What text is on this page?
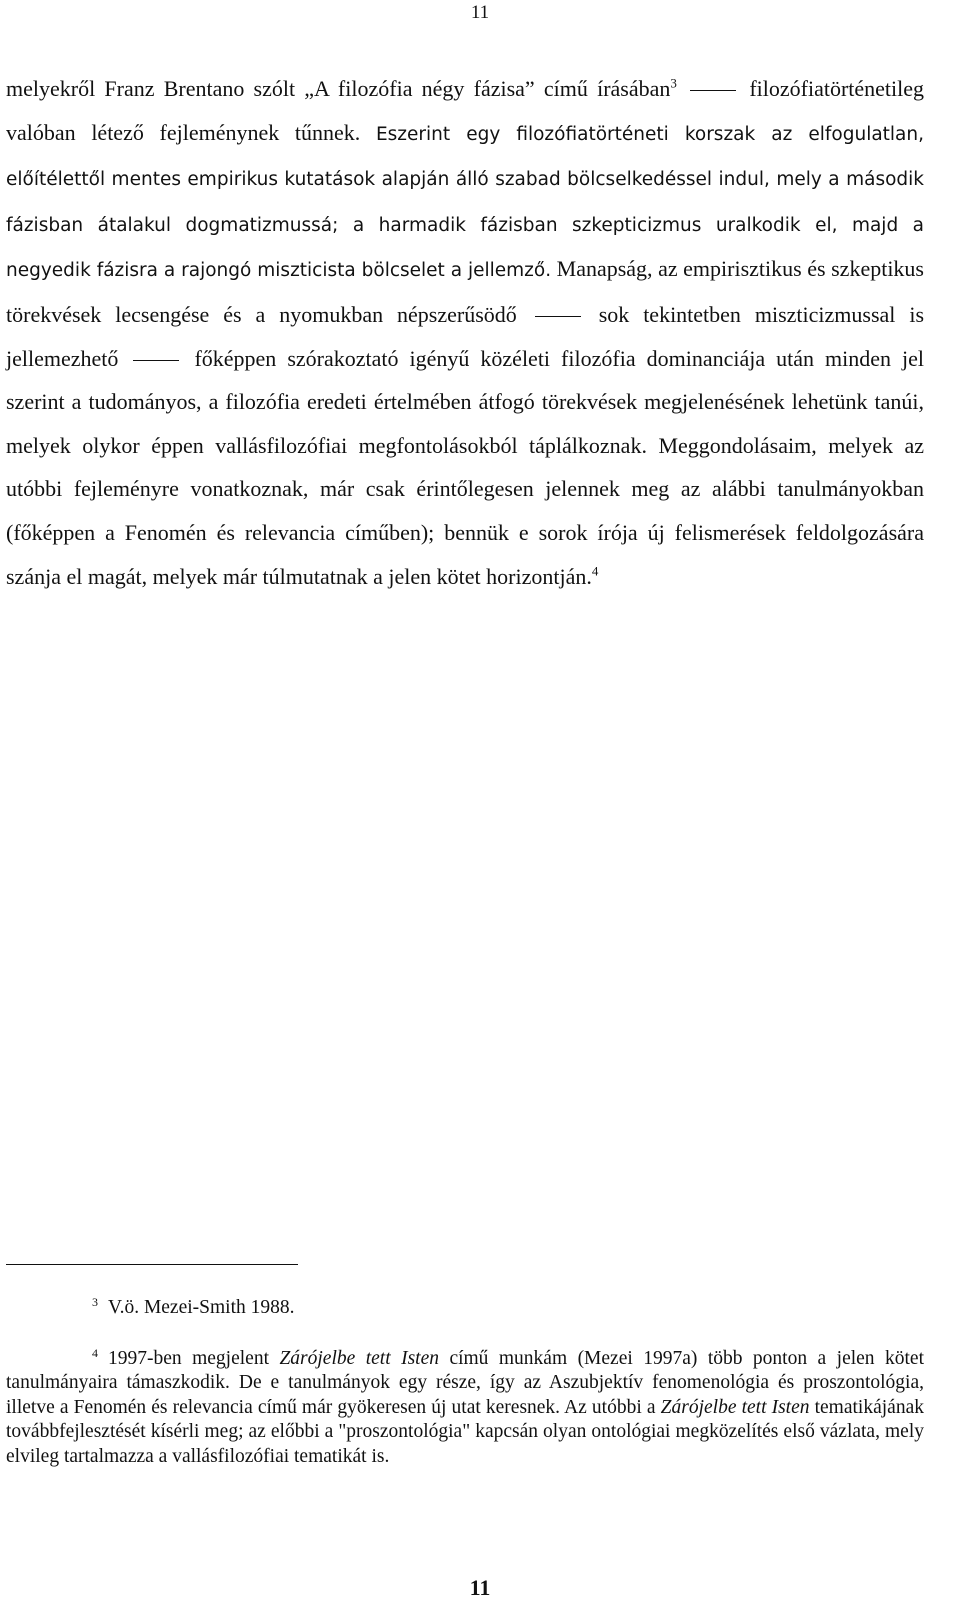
11

melyekről Franz Brentano szólt „A filozófia négy fázisa” című írásában$^3$	filozófiatörténetileg valóban létező fejleménynek tűnnek. Eszerint egy filozófiatörténeti korszak az elfogulatlan, előítélettől mentes empirikus kutatások alapján álló szabad bölcselkedéssel indul, mely a második fázisban átalakul dogmatizmussá; a harmadik fázisban szkepticizmus uralkodik el, majd a negyedik fázisra a rajongó miszticista bölcselet a jellemző. Manapság, az empirisztikus és szkeptikus törekvések lecsengése és a nyomukban népszerűsödő	sok tekintetben miszticizmussal is jellemezhető	főképpen szórakoztató igényű közéleti filozófia dominanciája után minden jel szerint a tudományos, a filozófia eredeti értelmében átfogó törekvések megjelenésének lehetünk tanúi, melyek olykor éppen vallásfilozófiai megfontolásokból táplálkoznak. Meggondolásaim, melyek az utóbbi fejleményre vonatkoznak, már csak érintőlegesen jelennek meg az alábbi tanulmányokban (főképpen a Fenomén és relevancia címűben); bennük e sorok írója új felismerések feldolgozására szánja el magát, melyek már túlmutatnak a jelen kötet horizontján.$^4$

$^3$ V.ö. Mezei-Smith 1988.

$^4$ 1997-ben megjelent Zárójelbe tett Isten című munkám (Mezei 1997a) több ponton a jelen kötet tanulmányaira támaszkodik. De e tanulmányok egy része, így az Aszubjektív fenomenológia és proszontológia, illetve a Fenomén és relevancia című már gyökeresen új utat keresnek. Az utóbbi a Zárójelbe tett Isten tematikájának továbbfejlesztését kísérli meg; az előbbi a "proszontológia" kapcsán olyan ontológiai megközelítés első vázlata, mely elvileg tartalmazza a vallásfilozófiai tematikát is.

11
